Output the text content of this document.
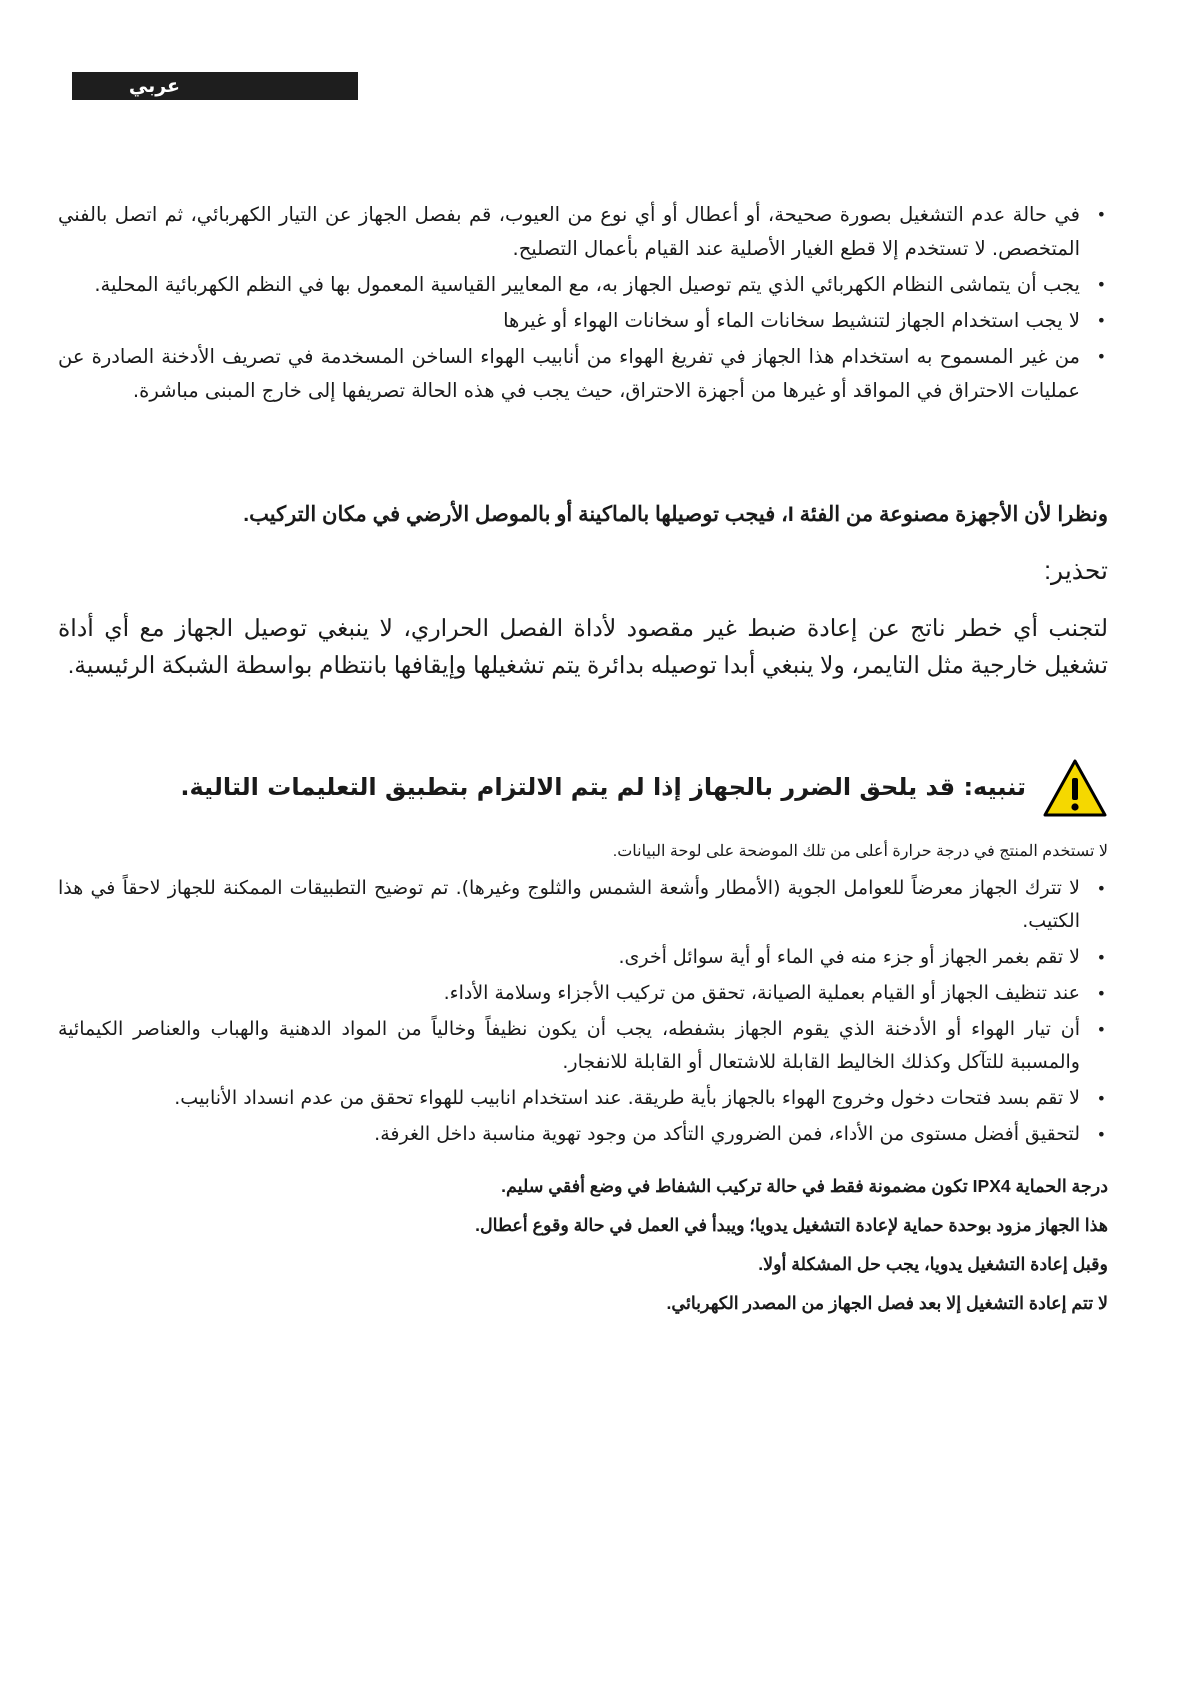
عربي
•
في حالة عدم التشغيل بصورة صحيحة، أو أعطال أو أي نوع من العيوب، قم بفصل الجهاز عن التيار الكهربائي، ثم اتصل بالفني المتخصص. لا تستخدم إلا قطع الغيار الأصلية عند القيام بأعمال التصليح.
•
يجب أن يتماشى النظام الكهربائي الذي يتم توصيل الجهاز به، مع المعايير القياسية المعمول بها في النظم الكهربائية المحلية.
•
لا يجب استخدام الجهاز لتنشيط سخانات الماء أو سخانات الهواء أو غيرها
•
من غير المسموح به استخدام هذا الجهاز في تفريغ الهواء من أنابيب الهواء الساخن المسخدمة في تصريف الأدخنة الصادرة عن عمليات الاحتراق في المواقد أو غيرها من أجهزة الاحتراق، حيث يجب في هذه الحالة تصريفها إلى خارج المبنى مباشرة.
ونظرا لأن الأجهزة مصنوعة من الفئة I، فيجب توصيلها بالماكينة أو بالموصل الأرضي في مكان التركيب.
تحذير:
لتجنب أي خطر ناتج عن إعادة ضبط غير مقصود لأداة الفصل الحراري، لا ينبغي توصيل الجهاز مع أي أداة تشغيل خارجية مثل التايمر، ولا ينبغي أبدا توصيله بدائرة يتم تشغيلها وإيقافها بانتظام بواسطة الشبكة الرئيسية.
تنبيه: قد يلحق الضرر بالجهاز إذا لم يتم الالتزام بتطبيق التعليمات التالية.
لا تستخدم المنتج في درجة حرارة أعلى من تلك الموضحة على لوحة البيانات.
•
لا تترك الجهاز معرضاً للعوامل الجوية (الأمطار وأشعة الشمس والثلوج وغيرها). تم توضيح التطبيقات الممكنة للجهاز لاحقاً في هذا الكتيب.
•
لا تقم بغمر الجهاز أو جزء منه في الماء أو أية سوائل أخرى.
•
عند تنظيف الجهاز أو القيام بعملية الصيانة، تحقق من تركيب الأجزاء وسلامة الأداء.
•
أن تيار الهواء أو الأدخنة الذي يقوم الجهاز بشفطه، يجب أن يكون نظيفاً وخالياً من المواد الدهنية والهباب والعناصر الكيمائية والمسببة للتآكل وكذلك الخاليط القابلة للاشتعال أو القابلة للانفجار.
•
لا تقم بسد فتحات دخول وخروج الهواء بالجهاز بأية طريقة. عند استخدام انابيب للهواء تحقق من عدم انسداد الأنابيب.
•
لتحقيق أفضل مستوى من الأداء، فمن الضروري التأكد من وجود تهوية مناسبة داخل الغرفة.

درجة الحماية IPX4 تكون مضمونة فقط في حالة تركيب الشفاط في وضع أفقي سليم.

هذا الجهاز مزود بوحدة حماية لإعادة التشغيل يدويا؛ ويبدأ في العمل في حالة وقوع أعطال.

وقبل إعادة التشغيل يدويا، يجب حل المشكلة أولا.

لا تتم إعادة التشغيل إلا بعد فصل الجهاز من المصدر الكهربائي.
